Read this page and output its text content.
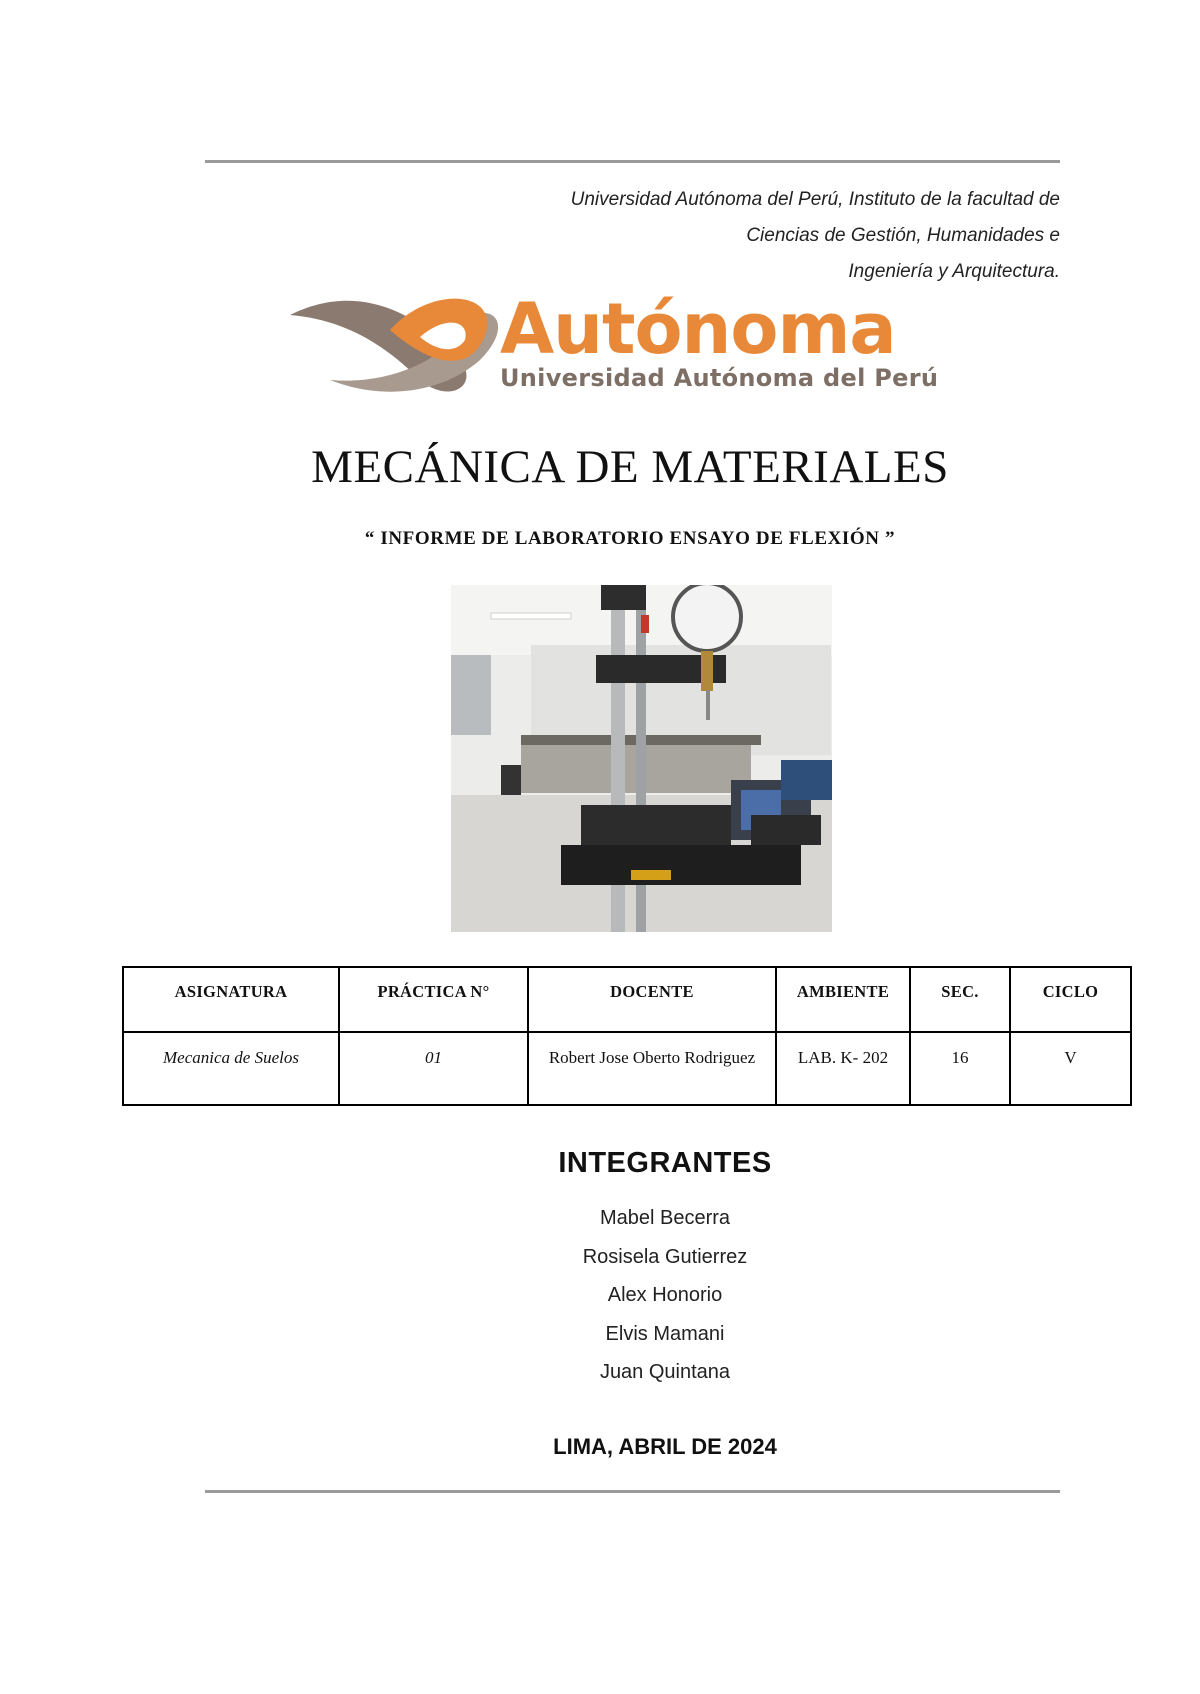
Universidad Autónoma del Perú, Instituto de la facultad de
Ciencias de Gestión, Humanidades e
Ingeniería y Arquitectura.
Autónoma
Universidad Autónoma del Perú
MECÁNICA DE MATERIALES
“ INFORME DE LABORATORIO ENSAYO DE FLEXIÓN ”
ASIGNATURA	PRÁCTICA N°	DOCENTE	AMBIENTE	SEC.	CICLO
Mecanica de Suelos	01	Robert Jose Oberto Rodriguez	LAB. K- 202	16	V
INTEGRANTES
Mabel Becerra
Rosisela Gutierrez
Alex Honorio
Elvis Mamani
Juan Quintana
LIMA, ABRIL DE 2024
